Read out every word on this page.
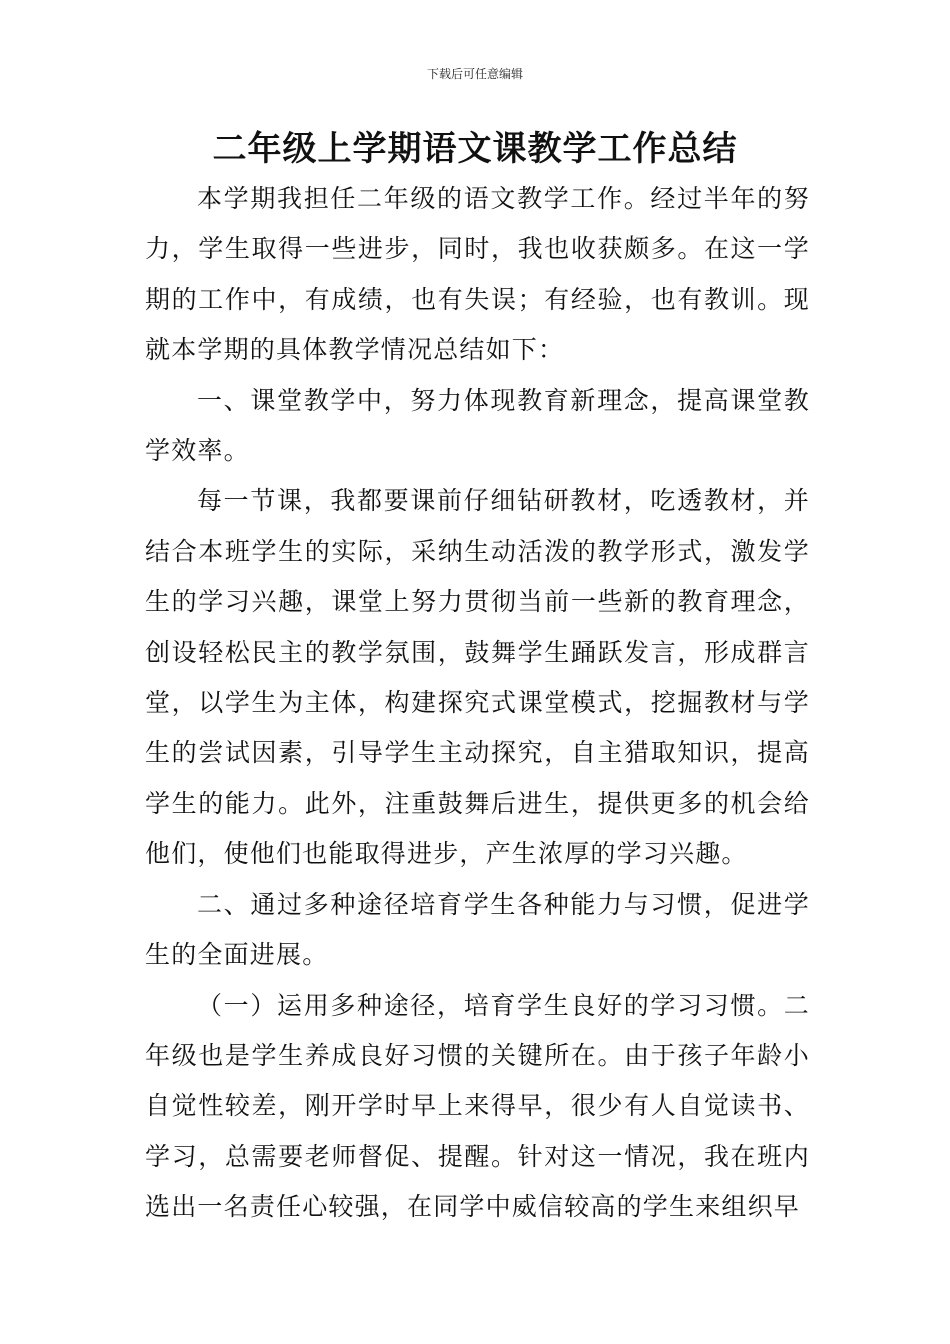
下载后可任意编辑
二年级上学期语文课教学工作总结

本学期我担任二年级的语文教学工作。经过半年的努力，学生取得一些进步，同时，我也收获颇多。在这一学期的工作中，有成绩，也有失误；有经验，也有教训。现就本学期的具体教学情况总结如下：

一、课堂教学中，努力体现教育新理念，提高课堂教学效率。

每一节课，我都要课前仔细钻研教材，吃透教材，并结合本班学生的实际，采纳生动活泼的教学形式，激发学生的学习兴趣，课堂上努力贯彻当前一些新的教育理念，创设轻松民主的教学氛围，鼓舞学生踊跃发言，形成群言堂，以学生为主体，构建探究式课堂模式，挖掘教材与学生的尝试因素，引导学生主动探究，自主猎取知识，提高学生的能力。此外，注重鼓舞后进生，提供更多的机会给他们，使他们也能取得进步，产生浓厚的学习兴趣。

二、通过多种途径培育学生各种能力与习惯，促进学生的全面进展。

（一）运用多种途径，培育学生良好的学习习惯。二年级也是学生养成良好习惯的关键所在。由于孩子年龄小自觉性较差，刚开学时早上来得早，很少有人自觉读书、学习，总需要老师督促、提醒。针对这一情况，我在班内选出一名责任心较强，在同学中威信较高的学生来组织早
